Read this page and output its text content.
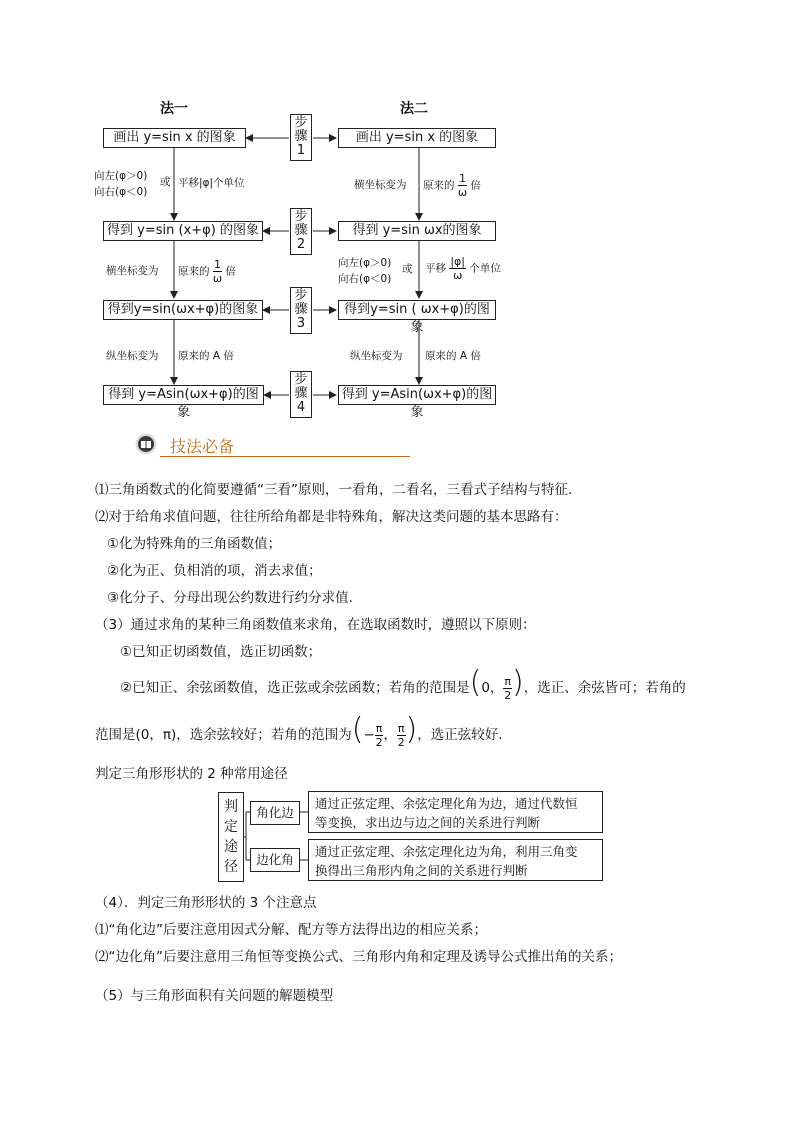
法一	法二
画出 y=sin x 的图象
得到 y=sin (x+φ) 的图象
得到y=sin(ωx+φ)的图象
得到 y=Asin(ωx+φ)的图象
画出 y=sin x 的图象
得到 y=sin ωx的图象
得到y=sin ( ωx+φ)的图象
得到 y=Asin(ωx+φ)的图象
步
骤
1
步
骤
2
步
骤
3
步
骤
4
向左(φ＞0) 或
向右(φ＜0)
平移|φ|个单位
横坐标变为 原来的 $\frac{1}{\omega}$ 倍
纵坐标变为 原来的 A 倍
横坐标变为 原来的 $\frac{1}{\omega}$ 倍
向左(φ＞0) 或
向右(φ＜0)
平移 $\frac{|\varphi|}{\omega}$ 个单位
纵坐标变为 原来的 A 倍
技法必备
⑴三角函数式的化简要遵循“三看”原则，一看角，二看名，三看式子结构与特征.
⑵对于给角求值问题，往往所给角都是非特殊角，解决这类问题的基本思路有：
①化为特殊角的三角函数值；
②化为正、负相消的项，消去求值；
③化分子、分母出现公约数进行约分求值.
（3）通过求角的某种三角函数值来求角，在选取函数时，遵照以下原则：
①已知正切函数值，选正切函数；
②已知正、余弦函数值，选正弦或余弦函数；若角的范围是(0， $\frac{\pi}{2}$ )，选正、余弦皆可；若角的
范围是(0，π)，选余弦较好；若角的范围为(− $\frac{\pi}{2}$ ， $\frac{\pi}{2}$ )，选正弦较好.
判定三角形形状的 2 种常用途径
判
定
途
径
角化边
边化角
通过正弦定理、余弦定理化角为边，通过代数恒
等变换，求出边与边之间的关系进行判断
通过正弦定理、余弦定理化边为角，利用三角变
换得出三角形内角之间的关系进行判断
（4）．判定三角形形状的 3 个注意点
⑴“角化边”后要注意用因式分解、配方等方法得出边的相应关系；
⑵“边化角”后要注意用三角恒等变换公式、三角形内角和定理及诱导公式推出角的关系；
（5）与三角形面积有关问题的解题模型
